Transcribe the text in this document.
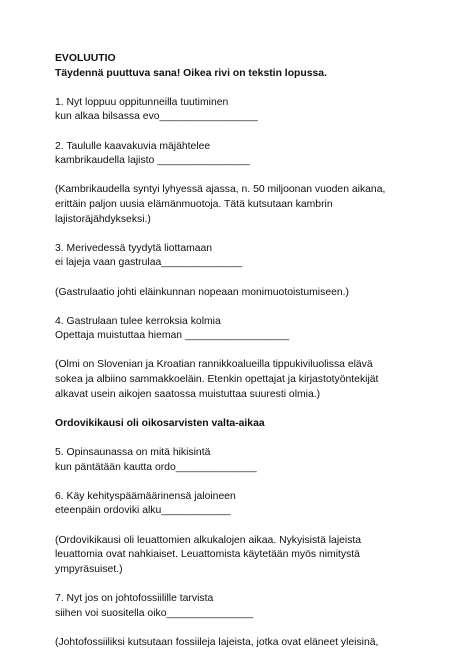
EVOLUUTIO
Täydennä puuttuva sana! Oikea rivi on tekstin lopussa.
1. Nyt loppuu oppitunneilla tuutiminen
kun alkaa bilsassa evo_________________
2. Taululle kaavakuvia mäjähtelee
kambrikaudella lajisto ________________
(Kambrikaudella syntyi lyhyessä ajassa, n. 50 miljoonan vuoden aikana,
erittäin paljon uusia elämänmuotoja. Tätä kutsutaan kambrin
lajistoräjähdykseksi.)
3. Merivedessä tyydytä liottamaan
ei lajeja vaan gastrulaa______________
(Gastrulaatio johti eläinkunnan nopeaan monimuotoistumiseen.)
4. Gastrulaan tulee kerroksia kolmia
Opettaja muistuttaa hieman __________________
(Olmi on Slovenian ja Kroatian rannikkoalueilla tippukiviluolissa elävä
sokea ja albiino sammakkoeläin. Etenkin opettajat ja kirjastotyöntekijät
alkavat usein aikojen saatossa muistuttaa suuresti olmia.)
Ordovikikausi oli oikosarvisten valta-aikaa
5. Opinsaunassa on mitä hikisintä
kun päntätään kautta ordo______________
6. Käy kehityspäämäärinensä jaloineen
eteenpäin ordoviki alku____________
(Ordovikikausi oli leuattomien alkukalojen aikaa. Nykyisistä lajeista
leuattomia ovat nahkiaiset. Leuattomista käytetään myös nimitystä
ympyräsuiset.)
7. Nyt jos on johtofossiilille tarvista
siihen voi suositella oiko_______________
(Johtofossiiliksi kutsutaan fossiileja lajeista, jotka ovat eläneet yleisinä,
